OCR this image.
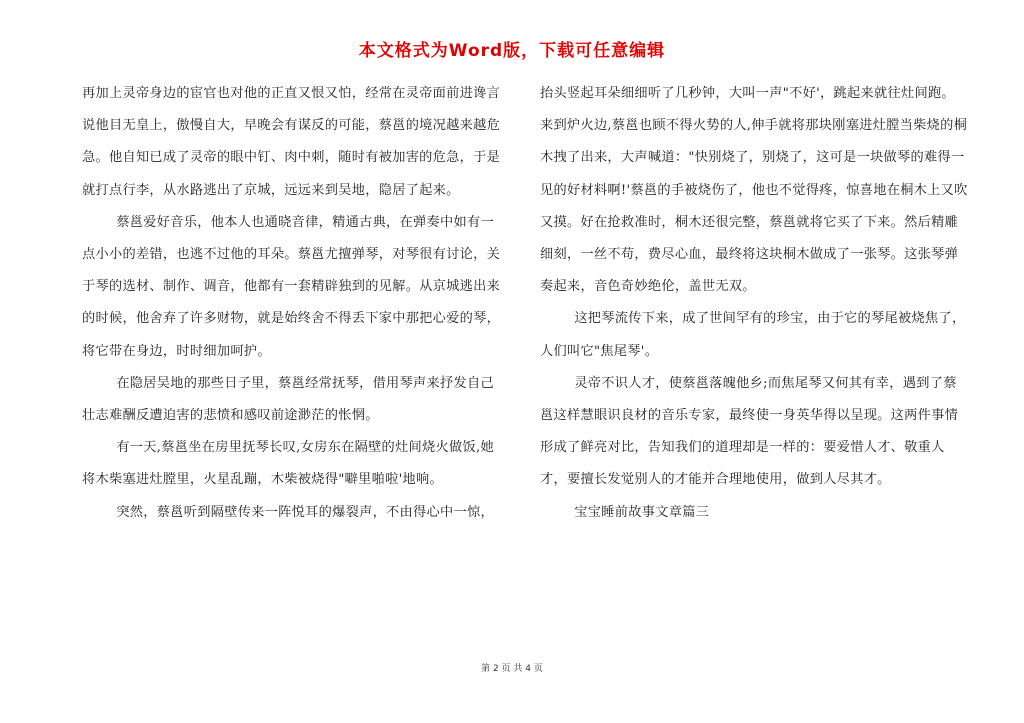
本文格式为Word版，下载可任意编辑

再加上灵帝身边的宦官也对他的正直又恨又怕，经常在灵帝面前进谗言说他目无皇上，傲慢自大，早晚会有谋反的可能，蔡邕的境况越来越危急。他自知已成了灵帝的眼中钉、肉中刺，随时有被加害的危急，于是就打点行李，从水路逃出了京城，远远来到吴地，隐居了起来。

蔡邕爱好音乐，他本人也通晓音律，精通古典，在弹奏中如有一点小小的差错，也逃不过他的耳朵。蔡邕尤擅弹琴，对琴很有讨论，关于琴的选材、制作、调音，他都有一套精辟独到的见解。从京城逃出来的时候，他舍弃了许多财物，就是始终舍不得丢下家中那把心爱的琴，将它带在身边，时时细加呵护。

在隐居吴地的那些日子里，蔡邕经常抚琴，借用琴声来抒发自己壮志难酬反遭迫害的悲愤和感叹前途渺茫的怅惘。

有一天,蔡邕坐在房里抚琴长叹,女房东在隔壁的灶间烧火做饭,她将木柴塞进灶膛里，火星乱蹦，木柴被烧得"噼里啪啦'地响。

突然，蔡邕听到隔壁传来一阵悦耳的爆裂声，不由得心中一惊，

抬头竖起耳朵细细听了几秒钟，大叫一声"不好'，跳起来就往灶间跑。来到炉火边,蔡邕也顾不得火势的人,伸手就将那块刚塞进灶膛当柴烧的桐木拽了出来，大声喊道："快别烧了，别烧了，这可是一块做琴的难得一见的好材料啊!'蔡邕的手被烧伤了，他也不觉得疼，惊喜地在桐木上又吹又摸。好在抢救准时，桐木还很完整，蔡邕就将它买了下来。然后精雕细刻，一丝不苟，费尽心血，最终将这块桐木做成了一张琴。这张琴弹奏起来，音色奇妙绝伦，盖世无双。

这把琴流传下来，成了世间罕有的珍宝，由于它的琴尾被烧焦了，人们叫它"焦尾琴'。

灵帝不识人才，使蔡邕落魄他乡;而焦尾琴又何其有幸，遇到了蔡邕这样慧眼识良材的音乐专家，最终使一身英华得以呈现。这两件事情形成了鲜亮对比，告知我们的道理却是一样的：要爱惜人才、敬重人才，要擅长发觉别人的才能并合理地使用，做到人尽其才。

宝宝睡前故事文章篇三

第 2 页 共 4 页
